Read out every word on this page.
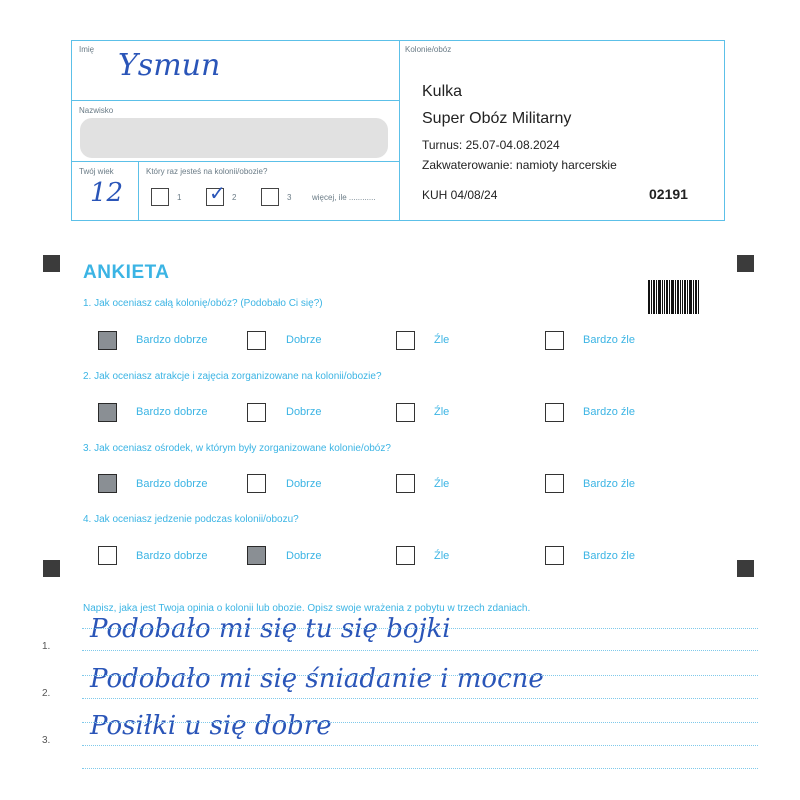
Imię Ysmun
Nazwisko
Twój wiek
12
Który raz jesteś na kolonii/obozie?
1 ✓ 2	3	więcej, ile ............
Kolonie/obóz
Kulka
Super Obóz Militarny
Turnus: 25.07-04.08.2024
Zakwaterowanie: namioty harcerskie
KUH 04/08/24	02191
ANKIETA
1. Jak oceniasz całą kolonię/obóz? (Podobało Ci się?)
Bardzo dobrze	Dobrze	Źle	Bardzo źle
2. Jak oceniasz atrakcje i zajęcia zorganizowane na kolonii/obozie?
Bardzo dobrze	Dobrze	Źle	Bardzo źle
3. Jak oceniasz ośrodek, w którym były zorganizowane kolonie/obóz?
Bardzo dobrze	Dobrze	Źle	Bardzo źle
4. Jak oceniasz jedzenie podczas kolonii/obozu?
Bardzo dobrze	Dobrze	Źle	Bardzo źle
Napisz, jaka jest Twoja opinia o kolonii lub obozie. Opisz swoje wrażenia z pobytu w trzech zdaniach.
1.
Podobało mi się tu się bojki
2. Podobało mi się śniadanie i mocne
3. Posiłki u się dobre
